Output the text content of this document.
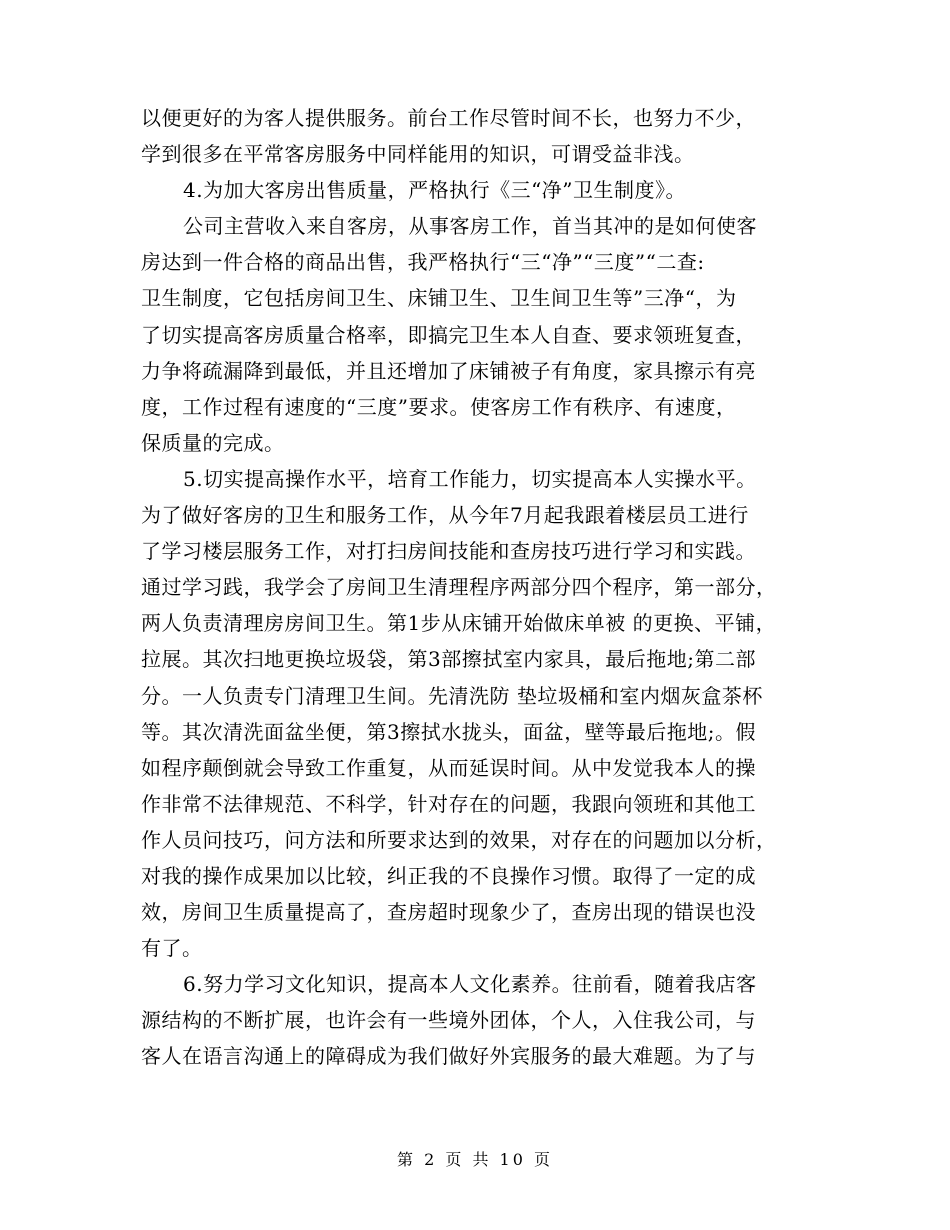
以便更好的为客人提供服务。前台工作尽管时间不长，也努力不少，
学到很多在平常客房服务中同样能用的知识，可谓受益非浅。
4.为加大客房出售质量，严格执行《三“净”卫生制度》。
公司主营收入来自客房，从事客房工作，首当其冲的是如何使客
房达到一件合格的商品出售，我严格执行“三“净”“三度”“二查:
卫生制度，它包括房间卫生、床铺卫生、卫生间卫生等”三净“，为
了切实提高客房质量合格率，即搞完卫生本人自查、要求领班复查，
力争将疏漏降到最低，并且还增加了床铺被子有角度，家具擦示有亮
度，工作过程有速度的“三度”要求。使客房工作有秩序、有速度，
保质量的完成。
5.切实提高操作水平，培育工作能力，切实提高本人实操水平。
为了做好客房的卫生和服务工作，从今年7月起我跟着楼层员工进行
了学习楼层服务工作，对打扫房间技能和查房技巧进行学习和实践。
通过学习践，我学会了房间卫生清理程序两部分四个程序，第一部分，
两人负责清理房房间卫生。第1步从床铺开始做床单被 的更换、平铺，
拉展。其次扫地更换垃圾袋，第3部擦拭室内家具，最后拖地;第二部
分。一人负责专门清理卫生间。先清洗防 垫垃圾桶和室内烟灰盒茶杯
等。其次清洗面盆坐便，第3擦拭水拢头，面盆，壁等最后拖地;。假
如程序颠倒就会导致工作重复，从而延误时间。从中发觉我本人的操
作非常不法律规范、不科学，针对存在的问题，我跟向领班和其他工
作人员问技巧，问方法和所要求达到的效果，对存在的问题加以分析，
对我的操作成果加以比较，纠正我的不良操作习惯。取得了一定的成
效，房间卫生质量提高了，查房超时现象少了，查房出现的错误也没
有了。
6.努力学习文化知识，提高本人文化素养。往前看，随着我店客
源结构的不断扩展，也许会有一些境外团体，个人，入住我公司，与
客人在语言沟通上的障碍成为我们做好外宾服务的最大难题。为了与
第 2 页 共 10 页
